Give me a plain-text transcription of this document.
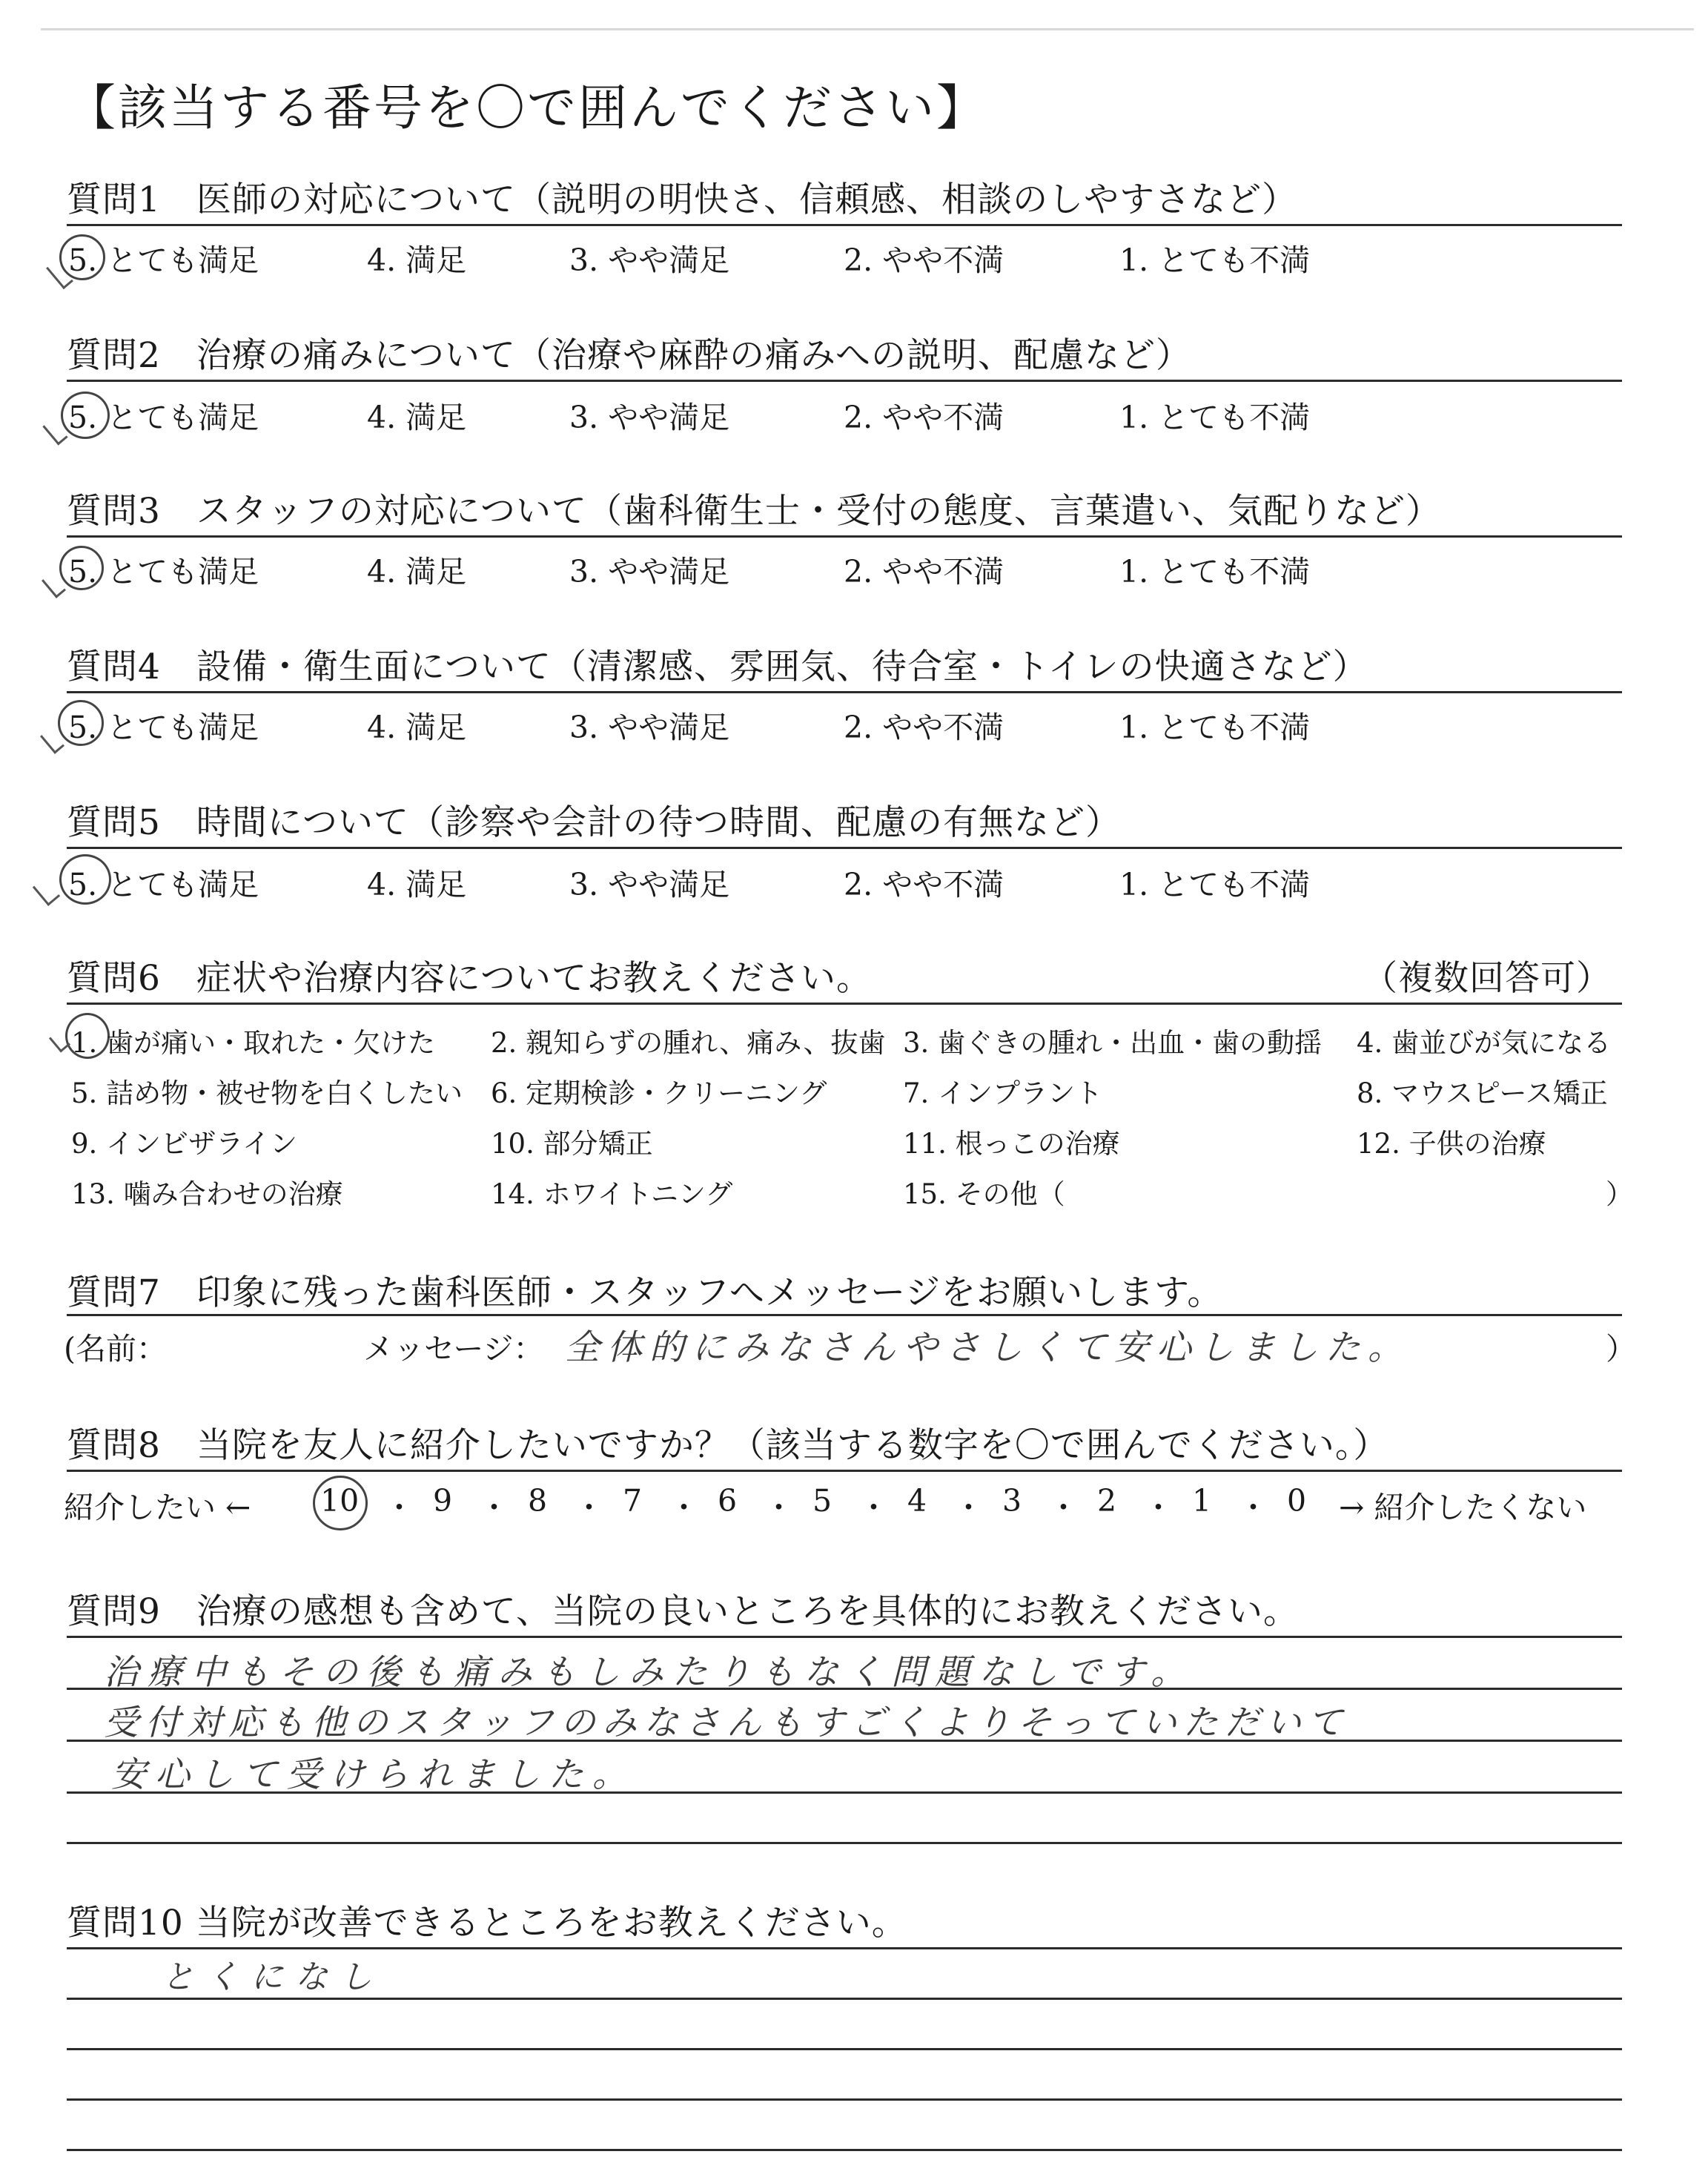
【該当する番号を〇で囲んでください】
質問1　医師の対応について（説明の明快さ、信頼感、相談のしやすさなど）
5. とても満足	4. 満足	3. やや満足	2. やや不満	1. とても不満
質問2　治療の痛みについて（治療や麻酔の痛みへの説明、配慮など）
5. とても満足	4. 満足	3. やや満足	2. やや不満	1. とても不満
質問3　スタッフの対応について（歯科衛生士・受付の態度、言葉遣い、気配りなど）
5. とても満足	4. 満足	3. やや満足	2. やや不満	1. とても不満
質問4　設備・衛生面について（清潔感、雰囲気、待合室・トイレの快適さなど）
5. とても満足	4. 満足	3. やや満足	2. やや不満	1. とても不満
質問5　時間について（診察や会計の待つ時間、配慮の有無など）
5. とても満足	4. 満足	3. やや満足	2. やや不満	1. とても不満
質問6　症状や治療内容についてお教えください。	（複数回答可）
1. 歯が痛い・取れた・欠けた 2. 親知らずの腫れ、痛み、抜歯 3. 歯ぐきの腫れ・出血・歯の動揺 4. 歯並びが気になる
5. 詰め物・被せ物を白くしたい 6. 定期検診・クリーニング	7. インプラント	8. マウスピース矯正
9. インビザライン	10. 部分矯正	11. 根っこの治療	12. 子供の治療
13. 噛み合わせの治療	14. ホワイトニング	15. その他（	）
質問7　印象に残った歯科医師・スタッフへメッセージをお願いします。
(名前：	メッセージ： 全体的にみなさんやさしくて安心しました。	）
質問8　当院を友人に紹介したいですか？（該当する数字を〇で囲んでください。）
紹介したい ← 10 ・ 9 ・ 8 ・ 7 ・ 6 ・ 5 ・ 4 ・ 3 ・ 2 ・ 1 ・ 0 → 紹介したくない
質問9　治療の感想も含めて、当院の良いところを具体的にお教えください。
治療中もその後も痛みもしみたりもなく問題なしです。
受付対応も他のスタッフのみなさんもすごくよりそっていただいて
安心して受けられました。
質問10 当院が改善できるところをお教えください。
とくになし
